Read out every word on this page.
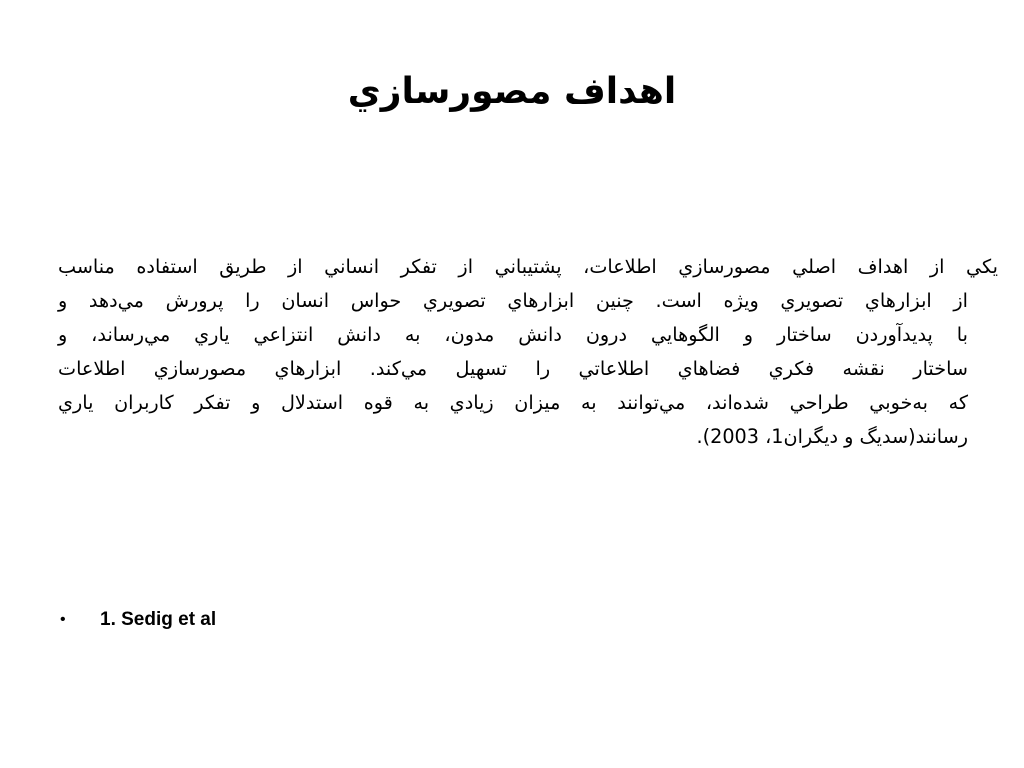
اهداف مصورسازي
يكي از اهداف اصلي مصورسازي اطلاعات، پشتيباني از تفكر انساني از طريق استفاده مناسب
از ابزارهاي تصويري ويژه است. چنين ابزارهاي تصويري حواس انسان را پرورش مي‌دهد و
با پديدآوردن ساختار و الگوهايي درون دانش مدون، به دانش انتزاعي ياري مي‌رساند، و
ساختار نقشه فكري فضاهاي اطلاعاتي را تسهيل مي‌كند. ابزارهاي مصورسازي اطلاعات
كه به‌خوبي طراحي شده‌اند، مي‌توانند به ميزان زيادي به قوه استدلال و تفكر كاربران ياري
رسانند(سديگ و ديگران1، 2003).
•	1. Sedig et al
